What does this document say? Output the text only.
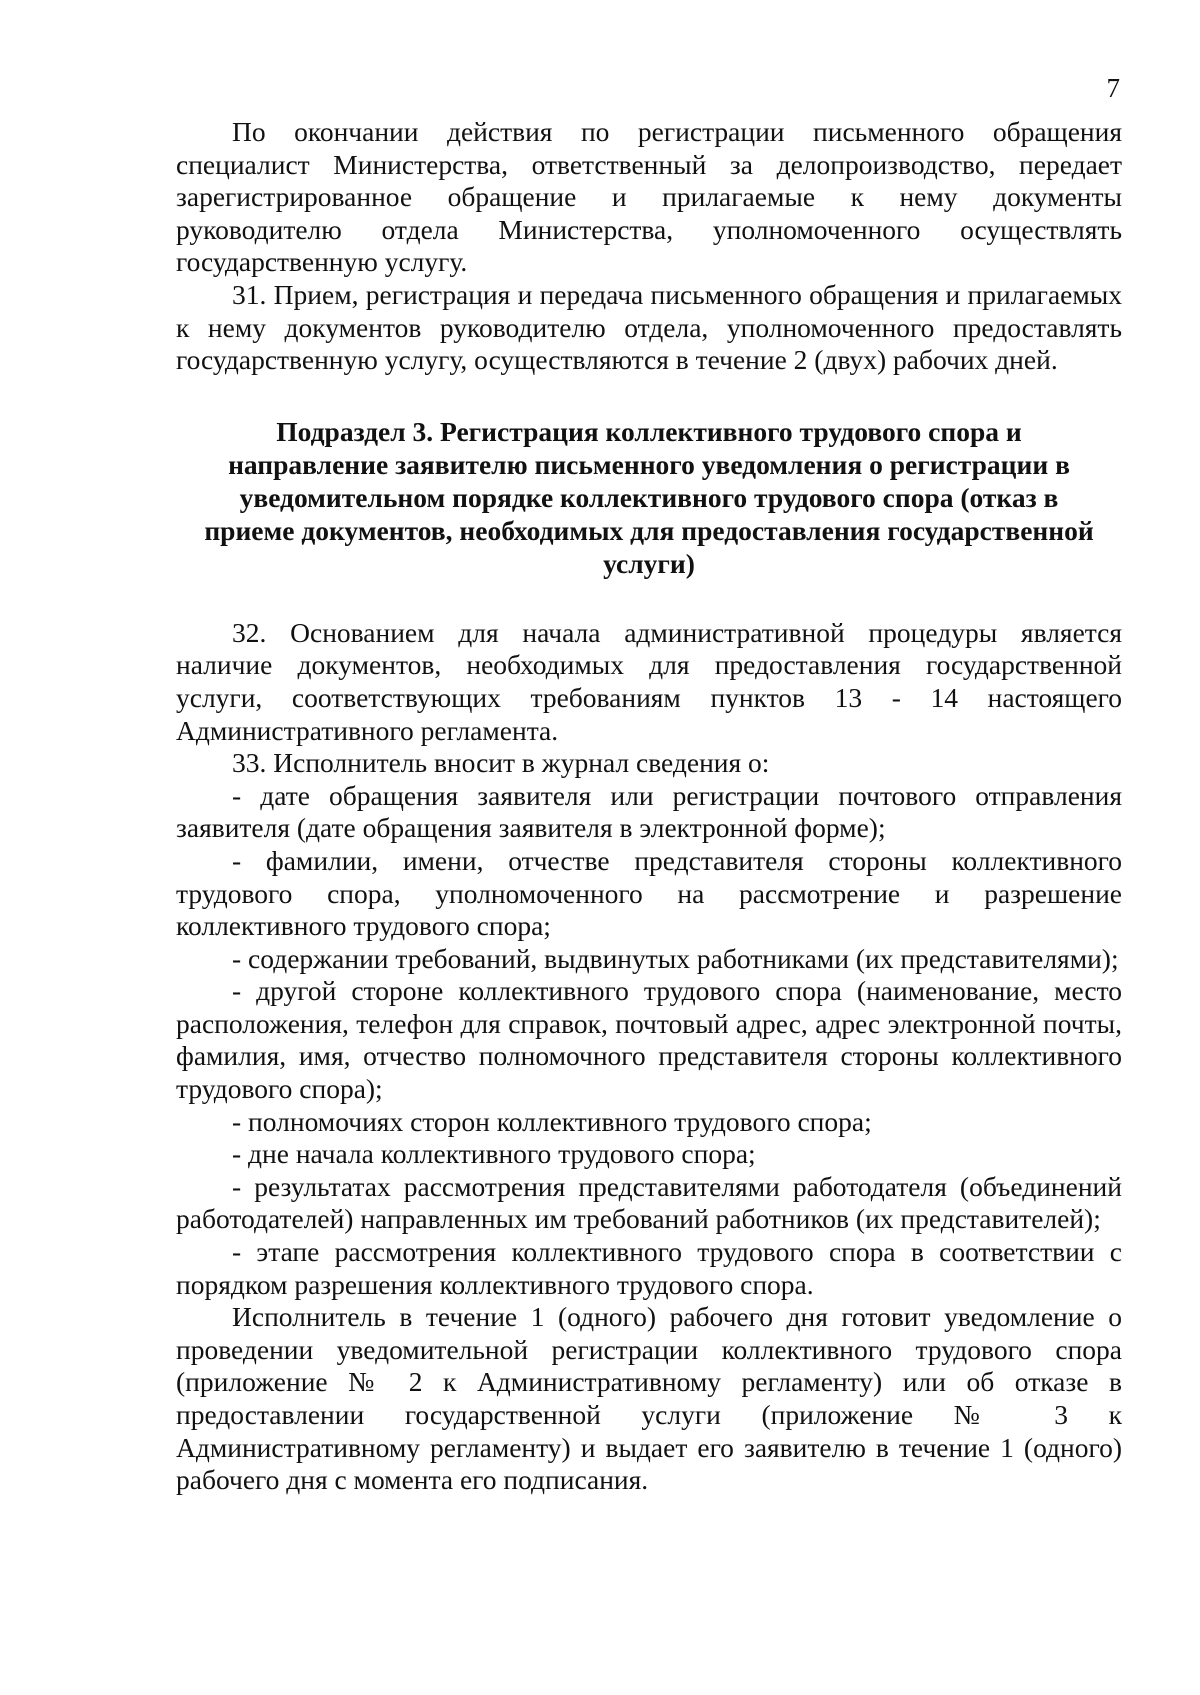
7

По окончании действия по регистрации письменного обращения специалист Министерства, ответственный за делопроизводство, передает зарегистрированное обращение и прилагаемые к нему документы руководителю отдела Министерства, уполномоченного осуществлять государственную услугу.

31. Прием, регистрация и передача письменного обращения и прилагаемых к нему документов руководителю отдела, уполномоченного предоставлять государственную услугу, осуществляются в течение 2 (двух) рабочих дней.

Подраздел 3. Регистрация коллективного трудового спора и
направление заявителю письменного уведомления о регистрации в
уведомительном порядке коллективного трудового спора (отказ в
приеме документов, необходимых для предоставления государственной
услуги)

32. Основанием для начала административной процедуры является наличие документов, необходимых для предоставления государственной услуги, соответствующих требованиям пунктов 13 - 14 настоящего Административного регламента.

33. Исполнитель вносит в журнал сведения о:

- дате обращения заявителя или регистрации почтового отправления заявителя (дате обращения заявителя в электронной форме);

- фамилии, имени, отчестве представителя стороны коллективного трудового спора, уполномоченного на рассмотрение и разрешение коллективного трудового спора;

- содержании требований, выдвинутых работниками (их представителями);

- другой стороне коллективного трудового спора (наименование, место расположения, телефон для справок, почтовый адрес, адрес электронной почты, фамилия, имя, отчество полномочного представителя стороны коллективного трудового спора);

- полномочиях сторон коллективного трудового спора;

- дне начала коллективного трудового спора;

- результатах рассмотрения представителями работодателя (объединений работодателей) направленных им требований работников (их представителей);

- этапе рассмотрения коллективного трудового спора в соответствии с порядком разрешения коллективного трудового спора.

Исполнитель в течение 1 (одного) рабочего дня готовит уведомление о проведении уведомительной регистрации коллективного трудового спора (приложение № 2 к Административному регламенту) или об отказе в предоставлении государственной услуги (приложение № 3 к Административному регламенту) и выдает его заявителю в течение 1 (одного) рабочего дня с момента его подписания.
